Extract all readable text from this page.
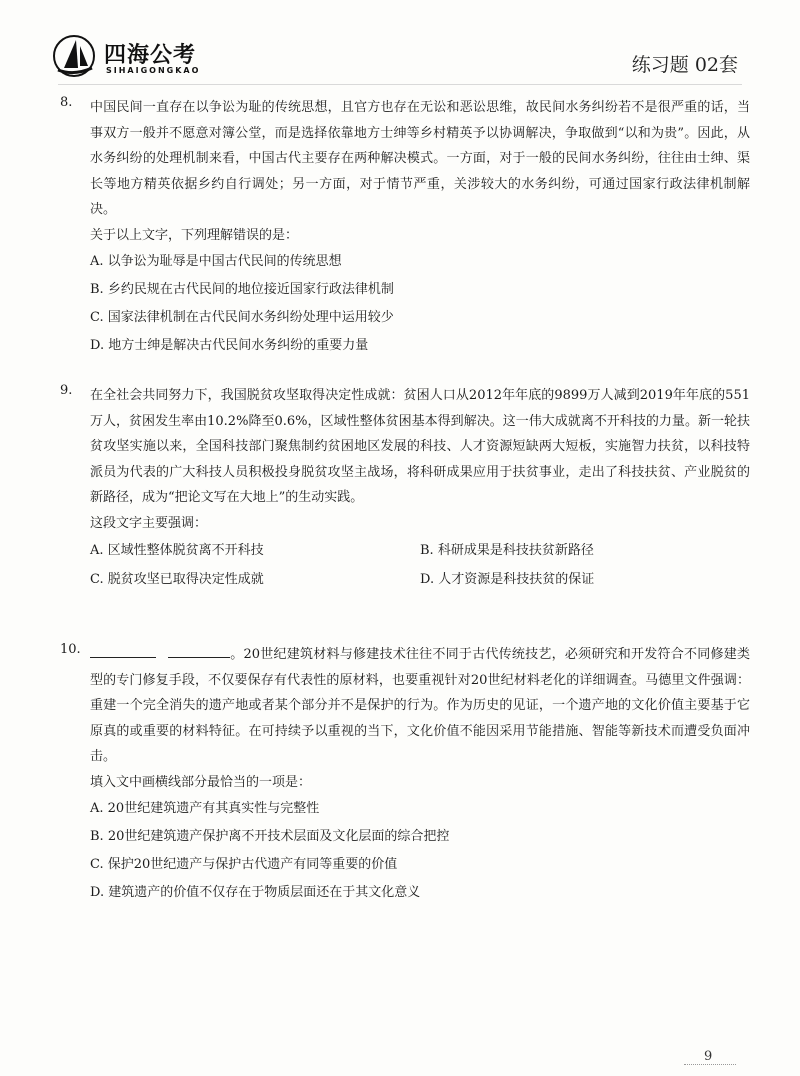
四海公考
SIHAIGONGKAO	练习题 02套
8. 中国民间一直存在以争讼为耻的传统思想，且官方也存在无讼和恶讼思维，故民间水务纠纷若不是很严重的话，当事双方一般并不愿意对簿公堂，而是选择依靠地方士绅等乡村精英予以协调解决，争取做到“以和为贵”。因此，从水务纠纷的处理机制来看，中国古代主要存在两种解决模式。一方面，对于一般的民间水务纠纷，往往由士绅、渠长等地方精英依据乡约自行调处；另一方面，对于情节严重，关涉较大的水务纠纷，可通过国家行政法律机制解决。

关于以上文字，下列理解错误的是：

A. 以争讼为耻辱是中国古代民间的传统思想

B. 乡约民规在古代民间的地位接近国家行政法律机制

C. 国家法律机制在古代民间水务纠纷处理中运用较少

D. 地方士绅是解决古代民间水务纠纷的重要力量

9. 在全社会共同努力下，我国脱贫攻坚取得决定性成就：贫困人口从2012年年底的9899万人减到2019年年底的551万人，贫困发生率由10.2%降至0.6%，区域性整体贫困基本得到解决。这一伟大成就离不开科技的力量。新一轮扶贫攻坚实施以来，全国科技部门聚焦制约贫困地区发展的科技、人才资源短缺两大短板，实施智力扶贫，以科技特派员为代表的广大科技人员积极投身脱贫攻坚主战场，将科研成果应用于扶贫事业，走出了科技扶贫、产业脱贫的新路径，成为“把论文写在大地上”的生动实践。

这段文字主要强调：

A. 区域性整体脱贫离不开科技	B. 科研成果是科技扶贫新路径

C. 脱贫攻坚已取得决定性成就	D. 人才资源是科技扶贫的保证

10.	。20世纪建筑材料与修建技术往往不同于古代传统技艺，必须研究和开发符合不同修建类型的专门修复手段，不仅要保存有代表性的原材料，也要重视针对20世纪材料老化的详细调查。马德里文件强调：重建一个完全消失的遗产地或者某个部分并不是保护的行为。作为历史的见证，一个遗产地的文化价值主要基于它原真的或重要的材料特征。在可持续予以重视的当下，文化价值不能因采用节能措施、智能等新技术而遭受负面冲击。

填入文中画横线部分最恰当的一项是：

A. 20世纪建筑遗产有其真实性与完整性

B. 20世纪建筑遗产保护离不开技术层面及文化层面的综合把控

C. 保护20世纪遗产与保护古代遗产有同等重要的价值

D. 建筑遗产的价值不仅存在于物质层面还在于其文化意义

9
